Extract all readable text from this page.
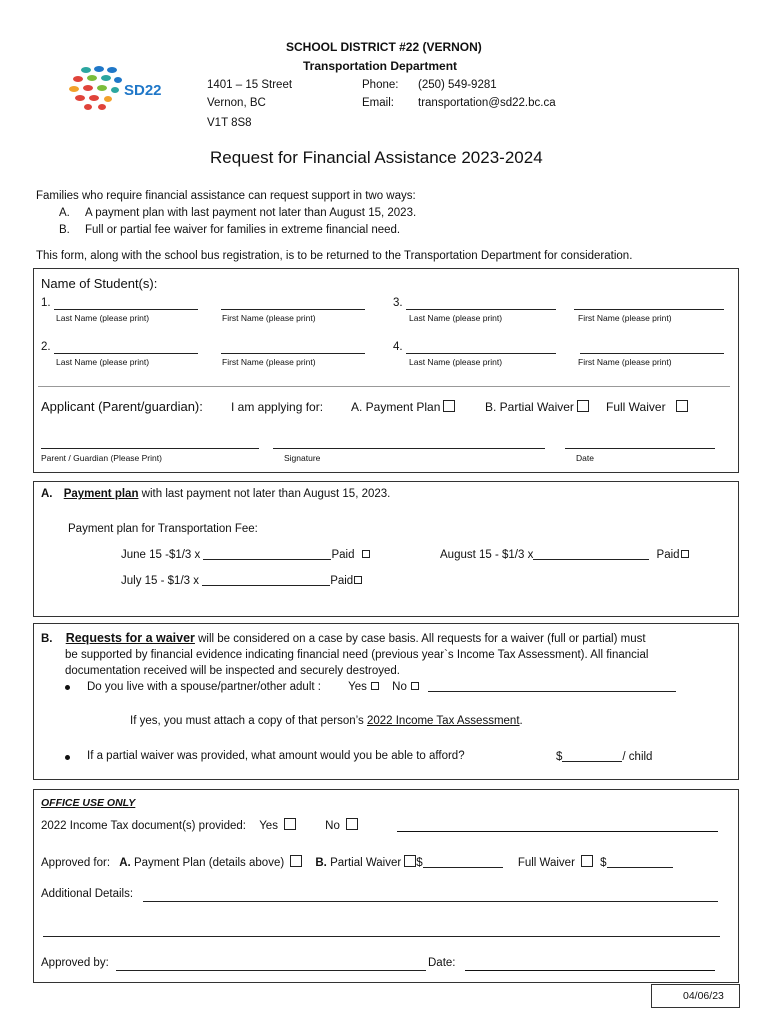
SD22
SCHOOL DISTRICT #22 (VERNON)
Transportation Department
1401 – 15 Street
Vernon, BC
V1T 8S8
Phone: (250) 549-9281
Email: transportation@sd22.bc.ca
Request for Financial Assistance 2023-2024
Families who require financial assistance can request support in two ways:
A. A payment plan with last payment not later than August 15, 2023.
B. Full or partial fee waiver for families in extreme financial need.
This form, along with the school bus registration, is to be returned to the Transportation Department for consideration.
Name of Student(s):
1.	3.
Last Name (please print)	First Name (please print)	Last Name (please print)	First Name (please print)
2.	4.
Last Name (please print)	First Name (please print)	Last Name (please print)	First Name (please print)
Applicant (Parent/guardian): I am applying for: A. Payment Plan	B. Partial Waiver	Full Waiver
Parent / Guardian (Please Print)	Signature	Date
A. Payment plan with last payment not later than August 15, 2023.
Payment plan for Transportation Fee:
June 15 -$1/3 x	Paid	August 15 - $1/3 x	Paid
July 15 - $1/3 x	Paid
B. Requests for a waiver will be considered on a case by case basis. All requests for a waiver (full or partial) must
be supported by financial evidence indicating financial need (previous year`s Income Tax Assessment). All financial
documentation received will be inspected and securely destroyed.
Do you live with a spouse/partner/other adult : Yes No
If yes, you must attach a copy of that person’s 2022 Income Tax Assessment.
If a partial waiver was provided, what amount would you be able to afford?	$	/ child
OFFICE USE ONLY
2022 Income Tax document(s) provided: Yes	No
Approved for: A. Payment Plan (details above)	B. Partial Waiver $	Full Waiver $
Additional Details:
Approved by:	Date:
04/06/23
